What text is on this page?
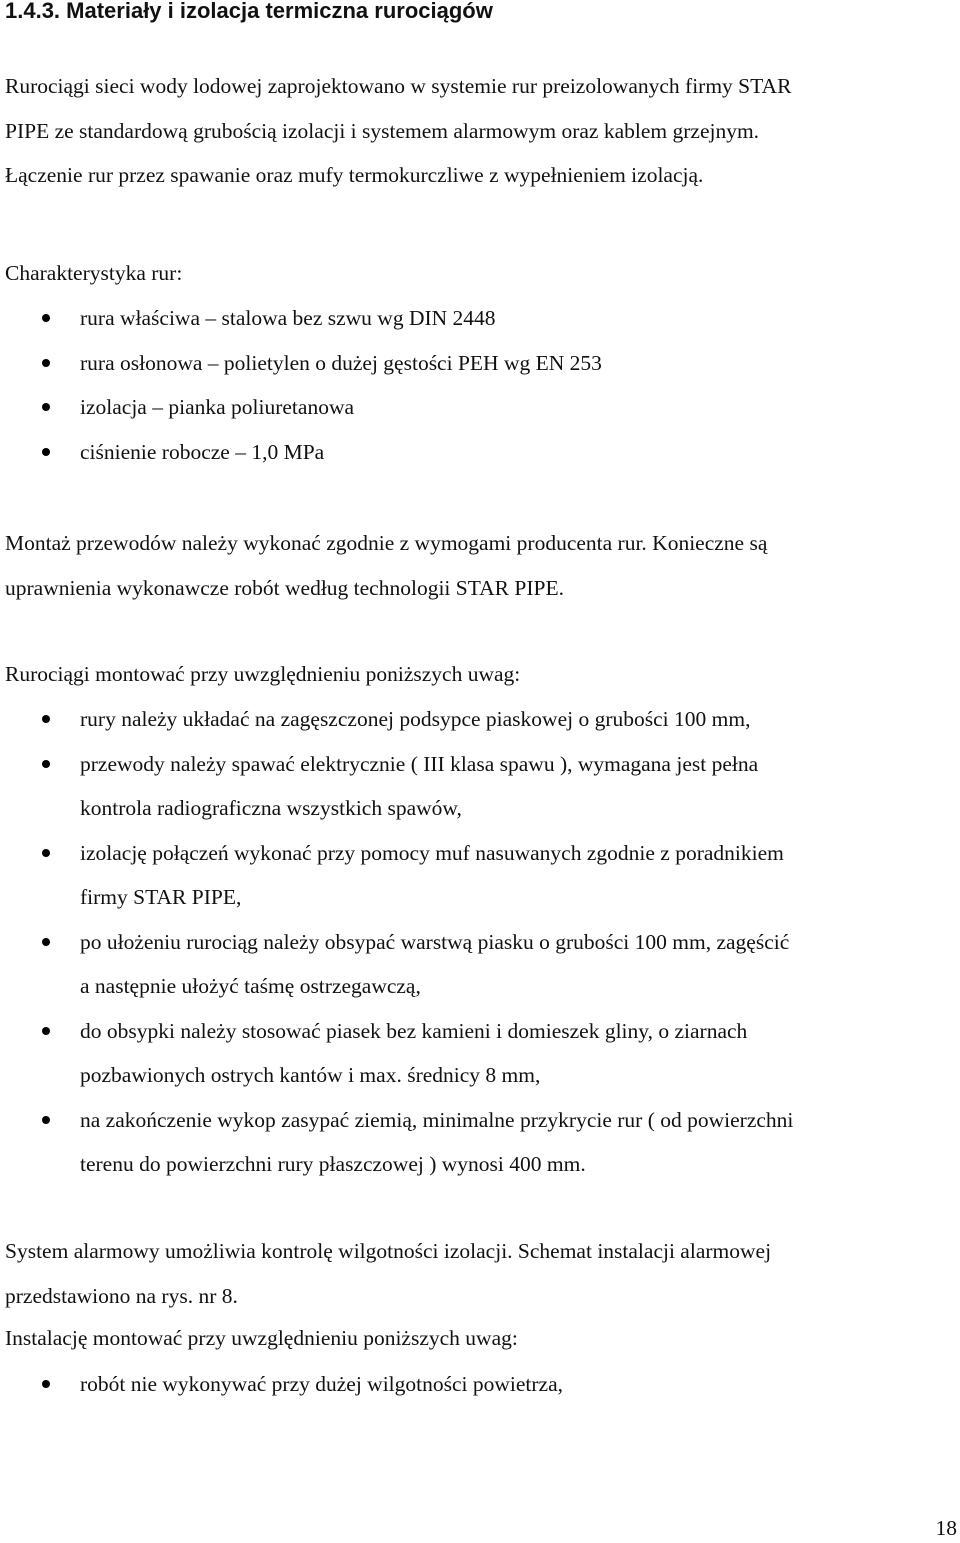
1.4.3. Materiały i izolacja termiczna rurociągów

Rurociągi sieci wody lodowej zaprojektowano w systemie rur preizolowanych firmy STAR
PIPE ze standardową grubością izolacji i systemem alarmowym oraz kablem grzejnym.
Łączenie rur przez spawanie oraz mufy termokurczliwe z wypełnieniem izolacją.

Charakterystyka rur:

rura właściwa – stalowa bez szwu wg DIN 2448
rura osłonowa – polietylen o dużej gęstości PEH wg EN 253
izolacja – pianka poliuretanowa
ciśnienie robocze – 1,0 MPa

Montaż przewodów należy wykonać zgodnie z wymogami producenta rur. Konieczne są
uprawnienia wykonawcze robót według technologii STAR PIPE.

Rurociągi montować przy uwzględnieniu poniższych uwag:

rury należy układać na zagęszczonej podsypce piaskowej o grubości 100 mm,
przewody należy spawać elektrycznie ( III klasa spawu ), wymagana jest pełna
kontrola radiograficzna wszystkich spawów,
izolację połączeń wykonać przy pomocy muf nasuwanych zgodnie z poradnikiem
firmy STAR PIPE,
po ułożeniu rurociąg należy obsypać warstwą piasku o grubości 100 mm, zagęścić
a następnie ułożyć taśmę ostrzegawczą,
do obsypki należy stosować piasek bez kamieni i domieszek gliny, o ziarnach
pozbawionych ostrych kantów i max. średnicy 8 mm,
na zakończenie wykop zasypać ziemią, minimalne przykrycie rur ( od powierzchni
terenu do powierzchni rury płaszczowej ) wynosi 400 mm.

System alarmowy umożliwia kontrolę wilgotności izolacji. Schemat instalacji alarmowej
przedstawiono na rys. nr 8.

Instalację montować przy uwzględnieniu poniższych uwag:

robót nie wykonywać przy dużej wilgotności powietrza,

18
